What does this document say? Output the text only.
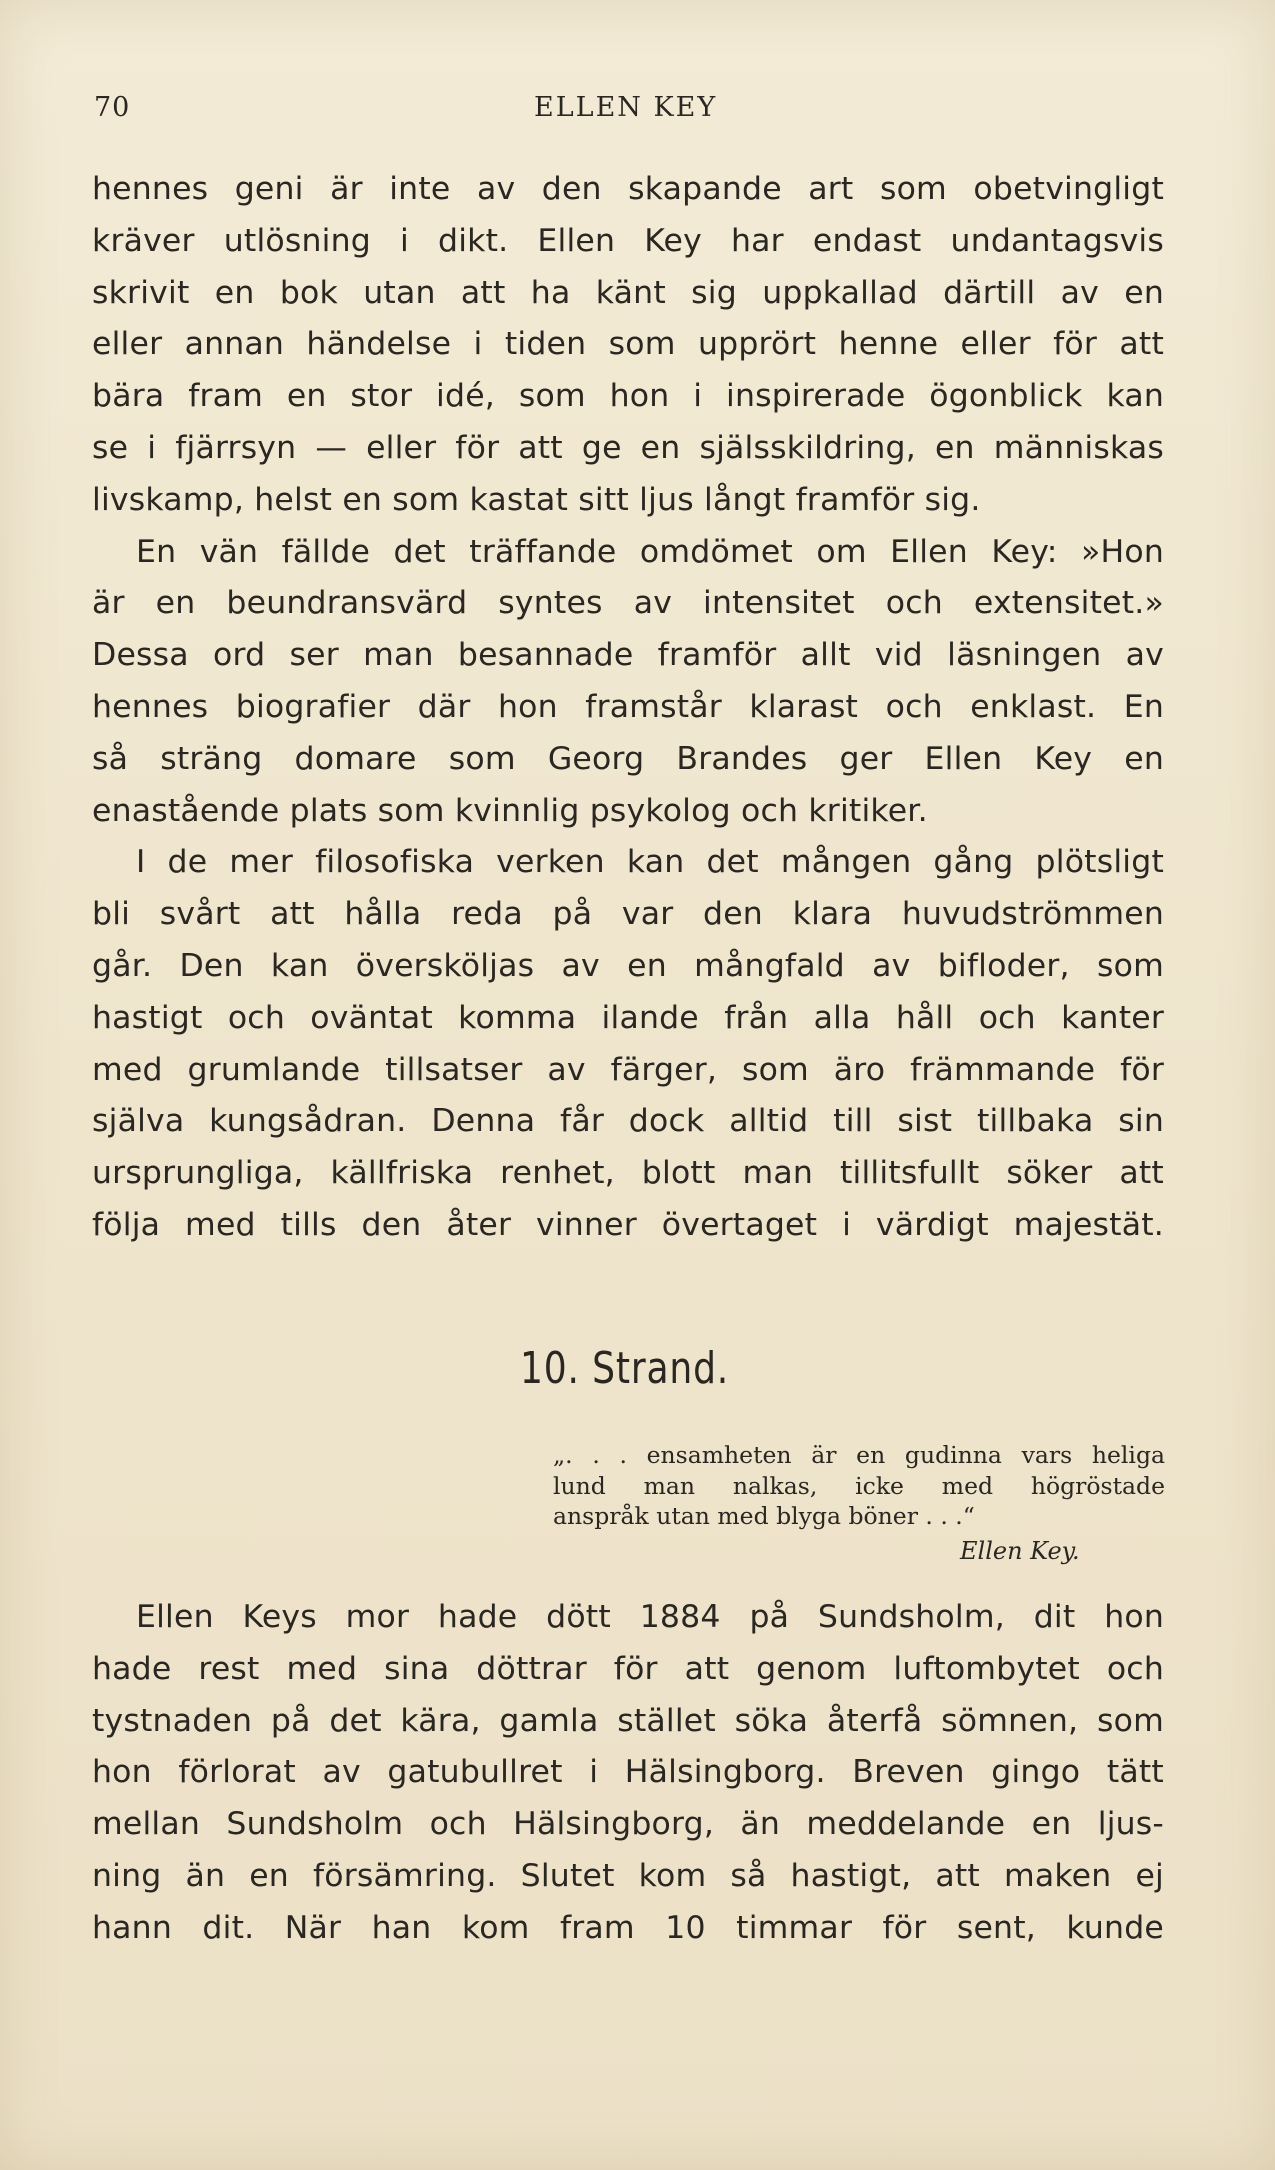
70	ELLEN KEY
hennes geni är inte av den skapande art som obetvingligt
kräver utlösning i dikt. Ellen Key har endast undantagsvis
skrivit en bok utan att ha känt sig uppkallad därtill av en
eller annan händelse i tiden som upprört henne eller för att
bära fram en stor idé, som hon i inspirerade ögonblick kan
se i fjärrsyn — eller för att ge en själsskildring, en människas
livskamp, helst en som kastat sitt ljus långt framför sig.
En vän fällde det träffande omdömet om Ellen Key: »Hon
är en beundransvärd syntes av intensitet och extensitet.»
Dessa ord ser man besannade framför allt vid läsningen av
hennes biografier där hon framstår klarast och enklast. En
så sträng domare som Georg Brandes ger Ellen Key en
enastående plats som kvinnlig psykolog och kritiker.
I de mer filosofiska verken kan det mången gång plötsligt
bli svårt att hålla reda på var den klara huvudströmmen
går. Den kan översköljas av en mångfald av bifloder, som
hastigt och oväntat komma ilande från alla håll och kanter
med grumlande tillsatser av färger, som äro främmande för
själva kungsådran. Denna får dock alltid till sist tillbaka sin
ursprungliga, källfriska renhet, blott man tillitsfullt söker att
följa med tills den åter vinner övertaget i värdigt majestät.
10. Strand.
„. . . ensamheten är en gudinna vars heliga
lund man nalkas, icke med högröstade
anspråk utan med blyga böner . . .“
Ellen Key.
Ellen Keys mor hade dött 1884 på Sundsholm, dit hon
hade rest med sina döttrar för att genom luftombytet och
tystnaden på det kära, gamla stället söka återfå sömnen, som
hon förlorat av gatubullret i Hälsingborg. Breven gingo tätt
mellan Sundsholm och Hälsingborg, än meddelande en ljus-
ning än en försämring. Slutet kom så hastigt, att maken ej
hann dit. När han kom fram 10 timmar för sent, kunde
